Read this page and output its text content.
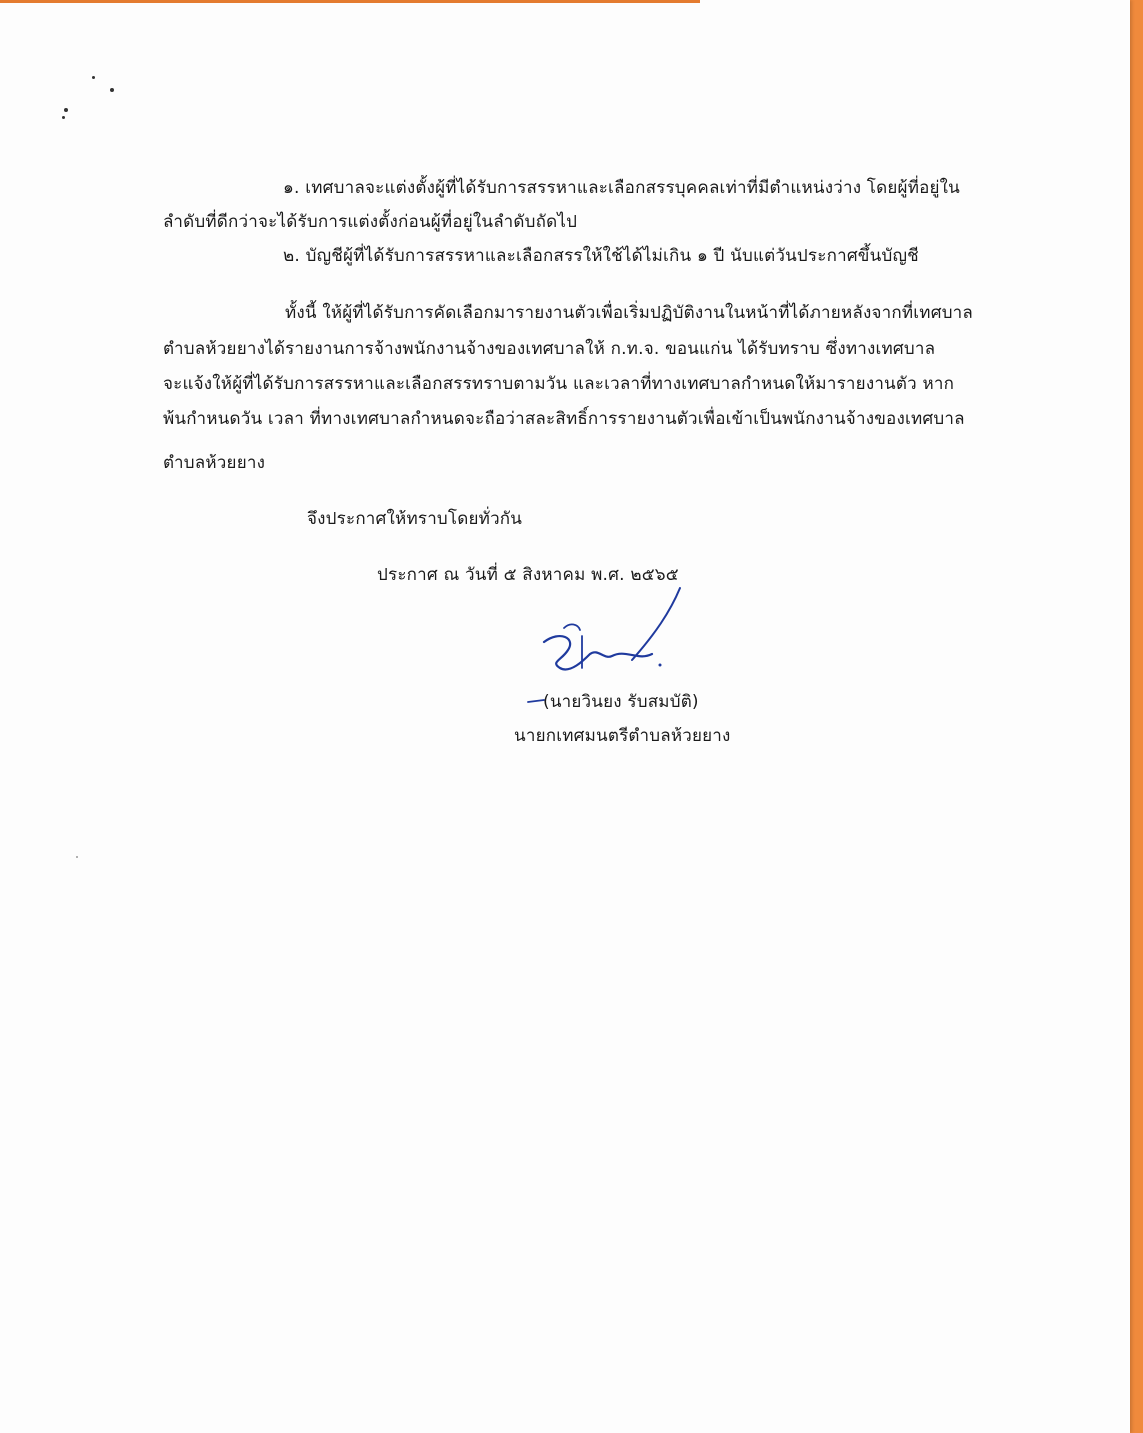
๑. เทศบาลจะแต่งตั้งผู้ที่ได้รับการสรรหาและเลือกสรรบุคคลเท่าที่มีตำแหน่งว่าง โดยผู้ที่อยู่ใน
ลำดับที่ดีกว่าจะได้รับการแต่งตั้งก่อนผู้ที่อยู่ในลำดับถัดไป
๒. บัญชีผู้ที่ได้รับการสรรหาและเลือกสรรให้ใช้ได้ไม่เกิน ๑ ปี นับแต่วันประกาศขึ้นบัญชี
ทั้งนี้ ให้ผู้ที่ได้รับการคัดเลือกมารายงานตัวเพื่อเริ่มปฏิบัติงานในหน้าที่ได้ภายหลังจากที่เทศบาล
ตำบลห้วยยางได้รายงานการจ้างพนักงานจ้างของเทศบาลให้ ก.ท.จ. ขอนแก่น ได้รับทราบ ซึ่งทางเทศบาล
จะแจ้งให้ผู้ที่ได้รับการสรรหาและเลือกสรรทราบตามวัน และเวลาที่ทางเทศบาลกำหนดให้มารายงานตัว หาก
พ้นกำหนดวัน เวลา ที่ทางเทศบาลกำหนดจะถือว่าสละสิทธิ์การรายงานตัวเพื่อเข้าเป็นพนักงานจ้างของเทศบาล
ตำบลห้วยยาง
จึงประกาศให้ทราบโดยทั่วกัน
ประกาศ ณ วันที่ ๕ สิงหาคม พ.ศ. ๒๕๖๕
(นายวินยง รับสมบัติ)
นายกเทศมนตรีตำบลห้วยยาง
